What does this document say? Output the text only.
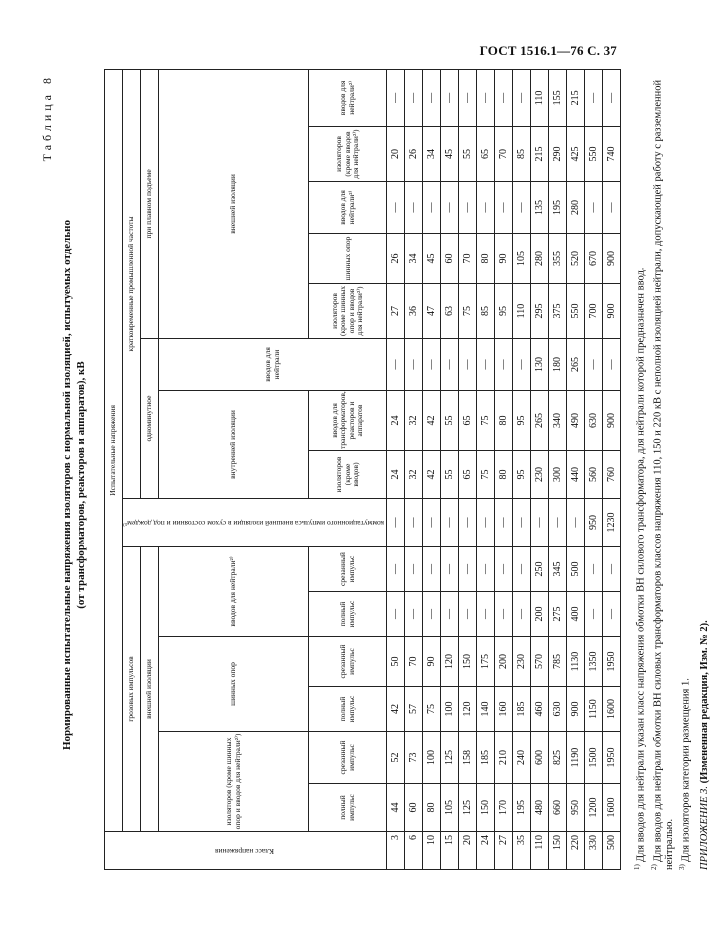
ГОСТ 1516.1—76 С. 37
Таблица 8
Нормированные испытательные напряжения изоляторов с нормальной изоляцией, испытуемых отдельно (от трансформаторов, реакторов и аппаратов), кВ
Класс напряжения	Испытательные напряжения														
	грозовых импульсов						коммутационного импульса внешней изоляции в сухом состоянии и под дождем¹⁾	кратковременные промышленной частоты							
	внешней изоляции							одноминутное			при плавном подъеме				
	изоляторов (кроме шинных опор и вводов для нейтрали²⁾)		шинных опор		вводов для нейтрали²⁾			внутренней изоляции		вводов для нейтрали	внешней изоляции				
	полный импульс	срезанный импульс	полный импульс	срезанный импульс	полный импульс	срезанный импульс		изоляторов (кроме вводов)	вводов для трансформаторов, реакторов и аппаратов		изоляторов (кроме шинных опор и вводов для нейтрали²⁾)	шинных опор	вводов для нейтрали²⁾	изоляторов (кроме вводов для нейтрали²⁾)	вводов для нейтрали²⁾
3	44	52	42	50	—	—	—	24	24	—	27	26	—	20	—
6	60	73	57	70	—	—	—	32	32	—	36	34	—	26	—
10	80	100	75	90	—	—	—	42	42	—	47	45	—	34	—
15	105	125	100	120	—	—	—	55	55	—	63	60	—	45	—
20	125	158	120	150	—	—	—	65	65	—	75	70	—	55	—
24	150	185	140	175	—	—	—	75	75	—	85	80	—	65	—
27	170	210	160	200	—	—	—	80	80	—	95	90	—	70	—
35	195	240	185	230	—	—	—	95	95	—	110	105	—	85	—
110	480	600	460	570	200	250	—	230	265	130	295	280	135	215	110
150	660	825	630	785	275	345	—	300	340	180	375	355	195	290	155
220	950	1190	900	1130	400	500	—	440	490	265	550	520	280	425	215
330	1200	1500	1150	1350	—	—	950	560	630	—	700	670	—	550	—
500	1600	1950	1600	1950	—	—	1230	760	900	—	900	900	—	740	—
$^{1)}$Для вводов для нейтрали указан класс напряжения обмотки ВН силового трансформатора, для нейтрали которой предназначен ввод.
$^{2)}$Для вводов для нейтрали обмотки ВН силовых трансформаторов классов напряжения 110, 150 и 220 кВ с неполной изоляцией нейтрали, допускающей работу с разземленной нейтралью. $^{3)}$Для изоляторов категории размещения 1. ПРИЛОЖЕНИЕ 3. (Измененная редакция, Изм. № 2).
